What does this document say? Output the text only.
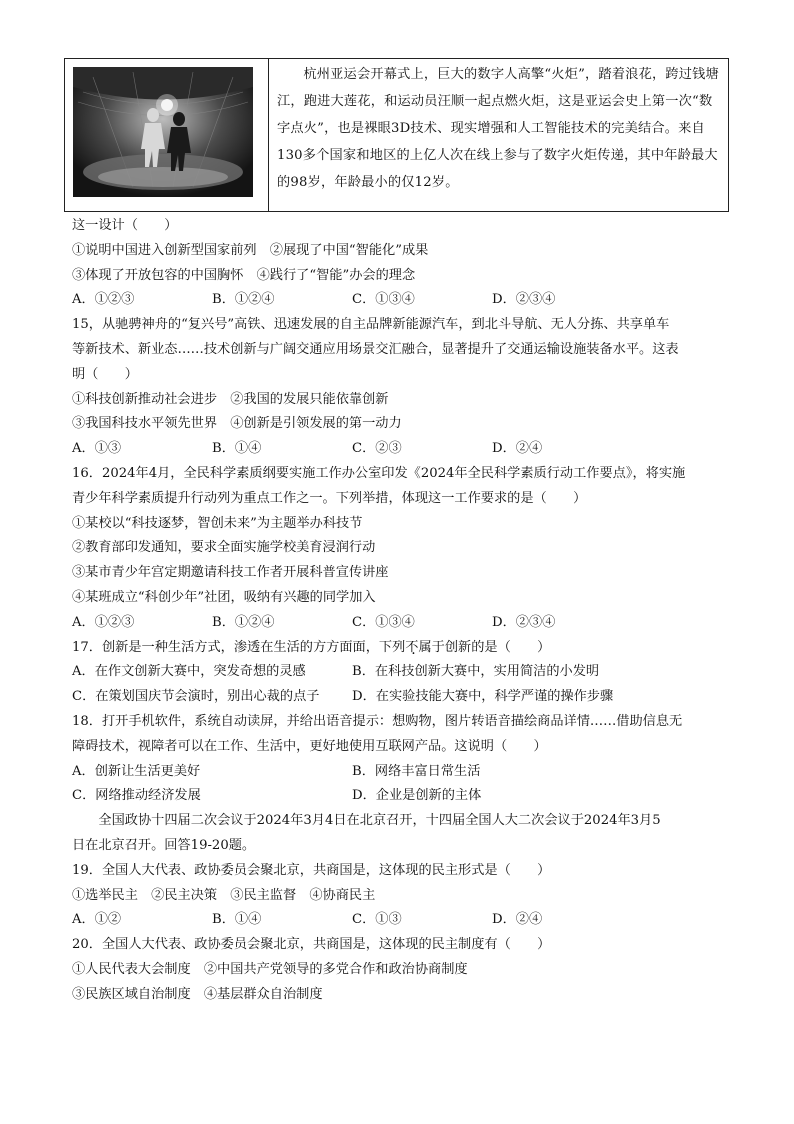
杭州亚运会开幕式上，巨大的数字人高擎“火炬”，踏着浪花，跨过钱塘江，跑进大莲花，和运动员汪顺一起点燃火炬，这是亚运会史上第一次“数字点火”，也是裸眼3D技术、现实增强和人工智能技术的完美结合。来自130多个国家和地区的上亿人次在线上参与了数字火炬传递，其中年龄最大的98岁，年龄最小的仅12岁。
这一设计（　　）
①说明中国进入创新型国家前列　②展现了中国“智能化”成果
③体现了开放包容的中国胸怀　④践行了“智能”办会的理念
A．①②③	B．①②④	C．①③④	D．②③④
15，从驰骋神舟的“复兴号”高铁、迅速发展的自主品牌新能源汽车，到北斗导航、无人分拣、共享单车
等新技术、新业态……技术创新与广阔交通应用场景交汇融合，显著提升了交通运输设施装备水平。这表
明（　　）
①科技创新推动社会进步　②我国的发展只能依靠创新
③我国科技水平领先世界　④创新是引领发展的第一动力
A．①③	B．①④	C．②③	D．②④
16．2024年4月，全民科学素质纲要实施工作办公室印发《2024年全民科学素质行动工作要点》，将实施
青少年科学素质提升行动列为重点工作之一。下列举措，体现这一工作要求的是（　　）
①某校以“科技逐梦，智创未来”为主题举办科技节
②教育部印发通知，要求全面实施学校美育浸润行动
③某市青少年宫定期邀请科技工作者开展科普宣传讲座
④某班成立“科创少年”社团，吸纳有兴趣的同学加入
A．①②③	B．①②④	C．①③④	D．②③④
17．创新是一种生活方式，渗透在生活的方方面面，下列不属于创新的是（　　）
A．在作文创新大赛中，突发奇想的灵感	B．在科技创新大赛中，实用简洁的小发明
C．在策划国庆节会演时，别出心裁的点子	D．在实验技能大赛中，科学严谨的操作步骤
18．打开手机软件，系统自动读屏，并给出语音提示：想购物，图片转语音描绘商品详情……借助信息无
障碍技术，视障者可以在工作、生活中，更好地使用互联网产品。这说明（　　）
A．创新让生活更美好	B．网络丰富日常生活
C．网络推动经济发展	D．企业是创新的主体
全国政协十四届二次会议于2024年3月4日在北京召开，十四届全国人大二次会议于2024年3月5
日在北京召开。回答19-20题。
19．全国人大代表、政协委员会聚北京，共商国是，这体现的民主形式是（　　）
①选举民主　②民主决策　③民主监督　④协商民主
A．①②	B．①④	C．①③	D．②④
20．全国人大代表、政协委员会聚北京，共商国是，这体现的民主制度有（　　）
①人民代表大会制度　②中国共产党领导的多党合作和政治协商制度
③民族区域自治制度　④基层群众自治制度
